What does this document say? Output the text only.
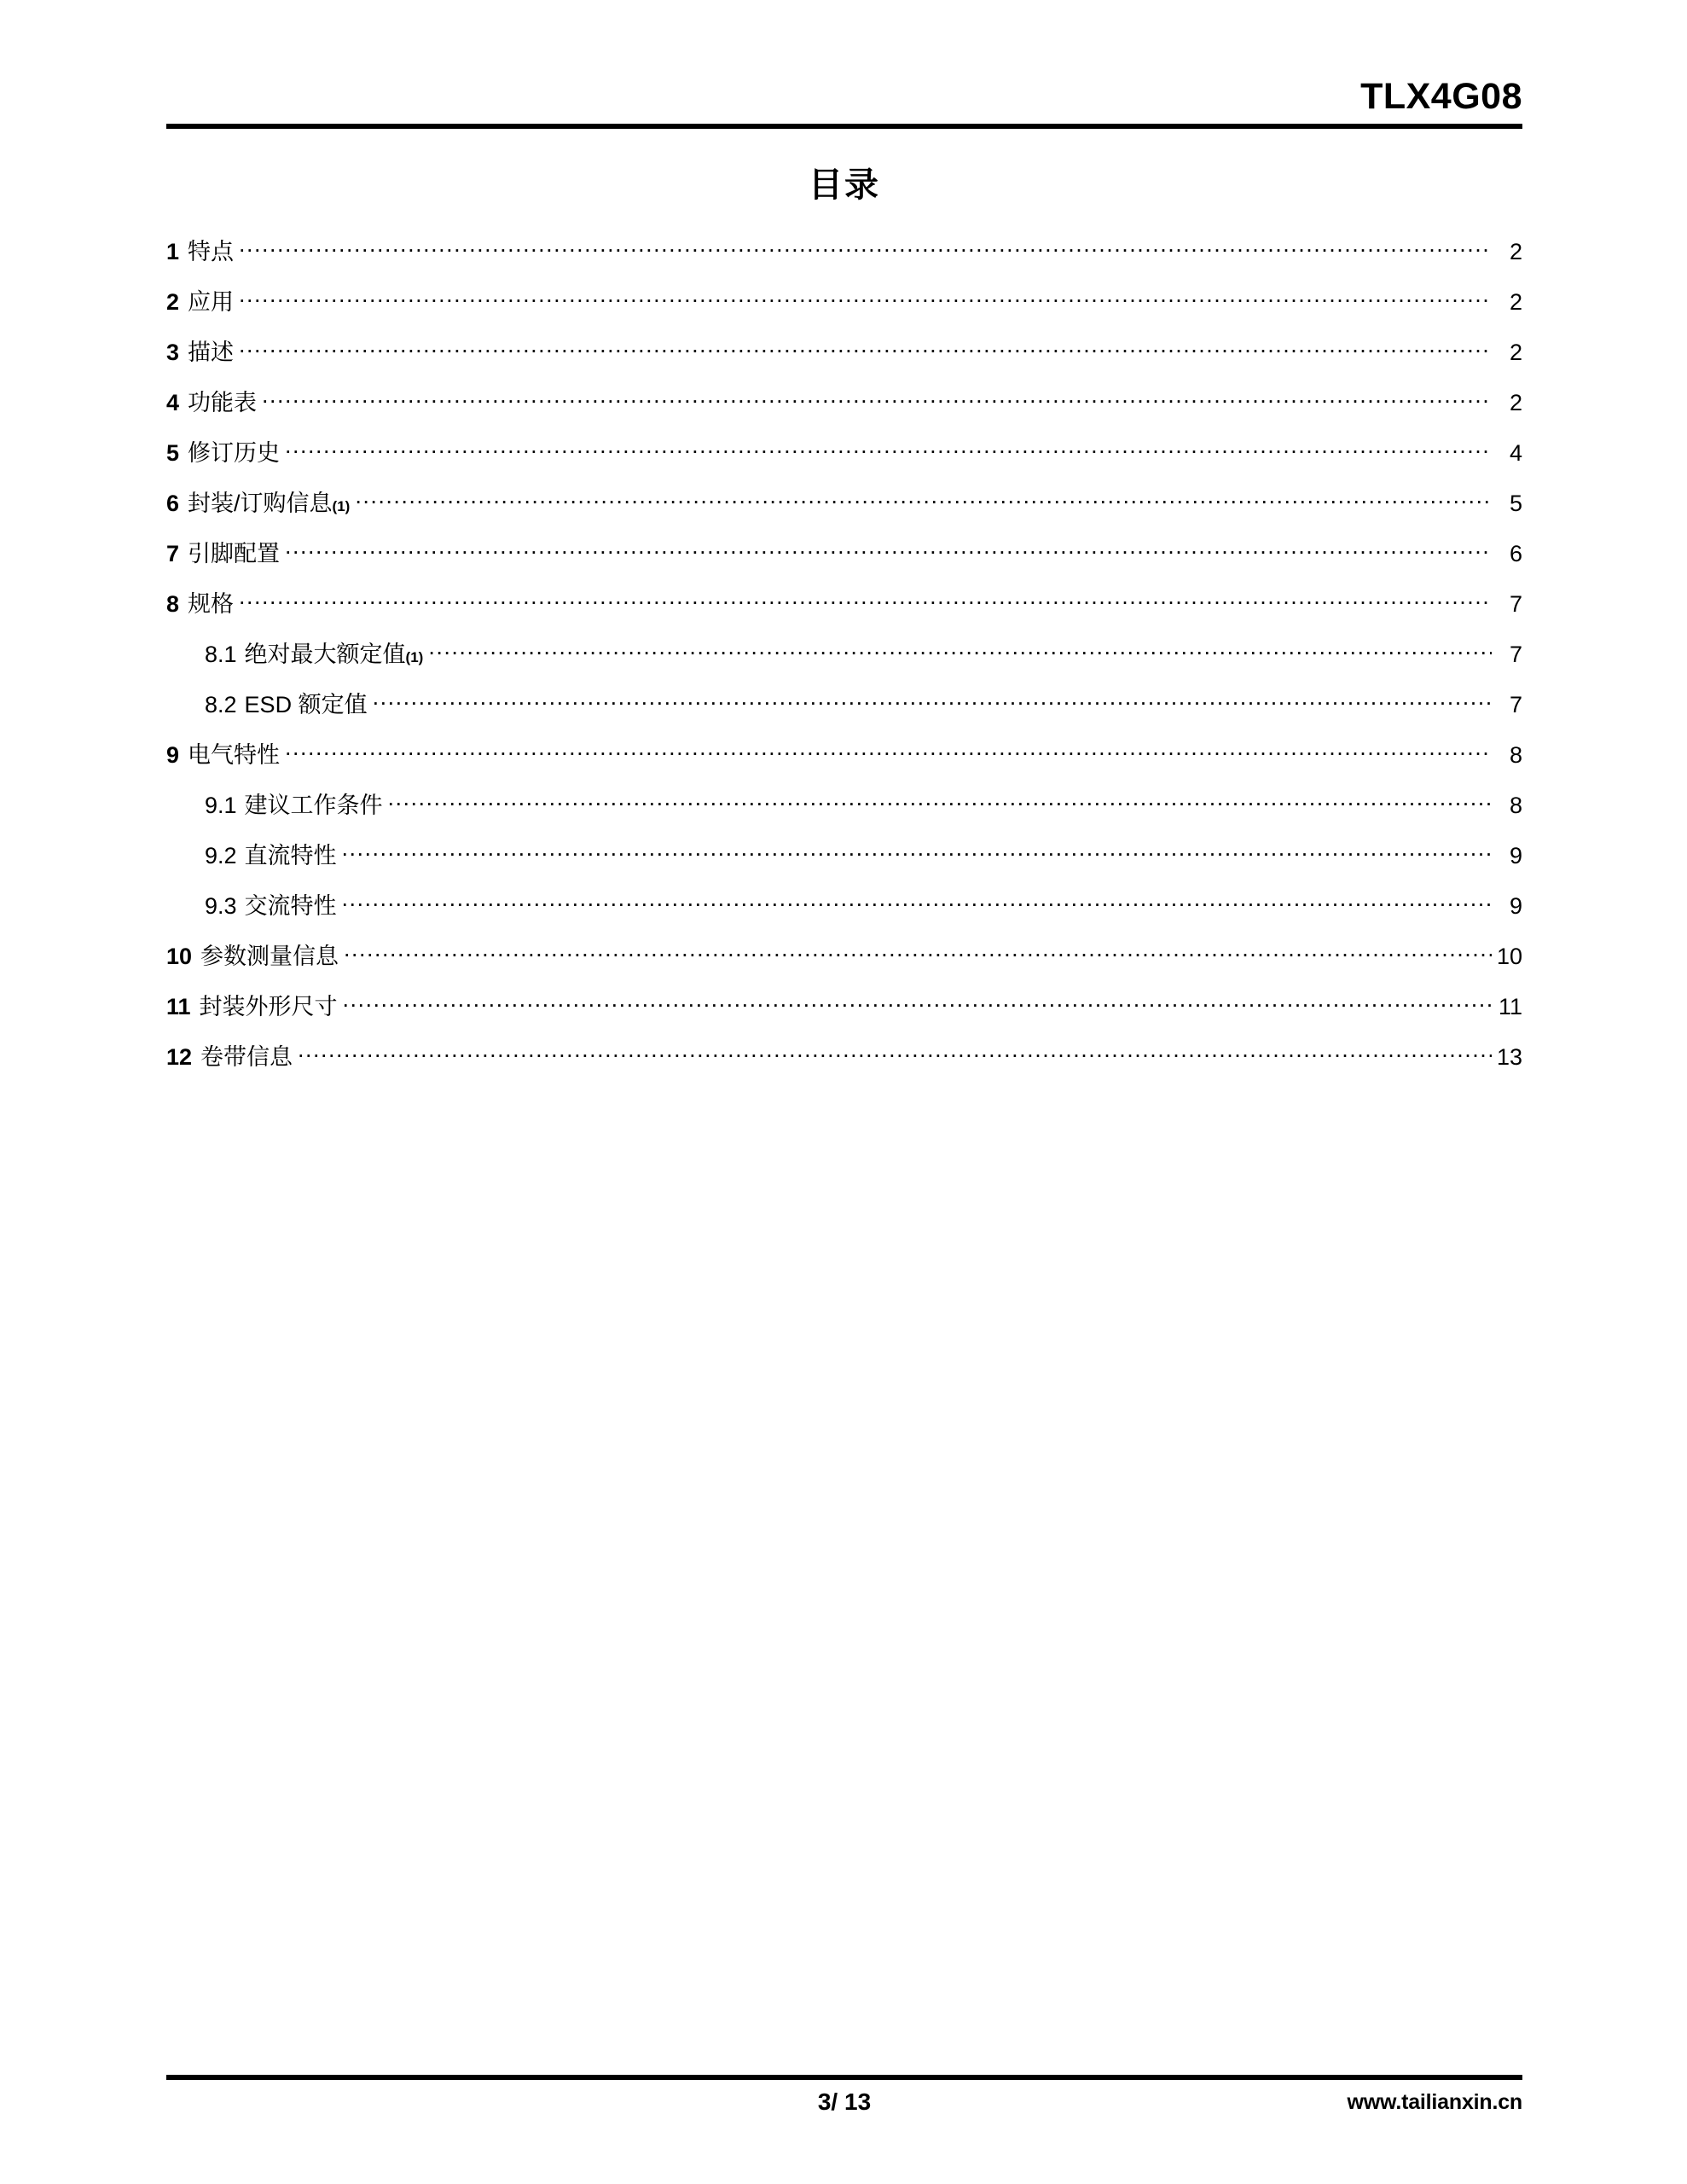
TLX4G08
目录
1 特点 .....	2
2 应用 .....	2
3 描述 .....	2
4 功能表 .....	2
5 修订历史 .....	4
6 封装/订购信息 (1) .....	5
7 引脚配置 .....	6
8 规格 .....	7
8.1 绝对最大额定值 (1) .....	7
8.2 ESD 额定值 .....	7
9 电气特性 .....	8
9.1 建议工作条件 .....	8
9.2 直流特性 .....	9
9.3 交流特性 .....	9
10 参数测量信息 .....	10
11 封装外形尺寸 .....	11
12 卷带信息 .....	13
3/ 13	www.tailianxin.cn
